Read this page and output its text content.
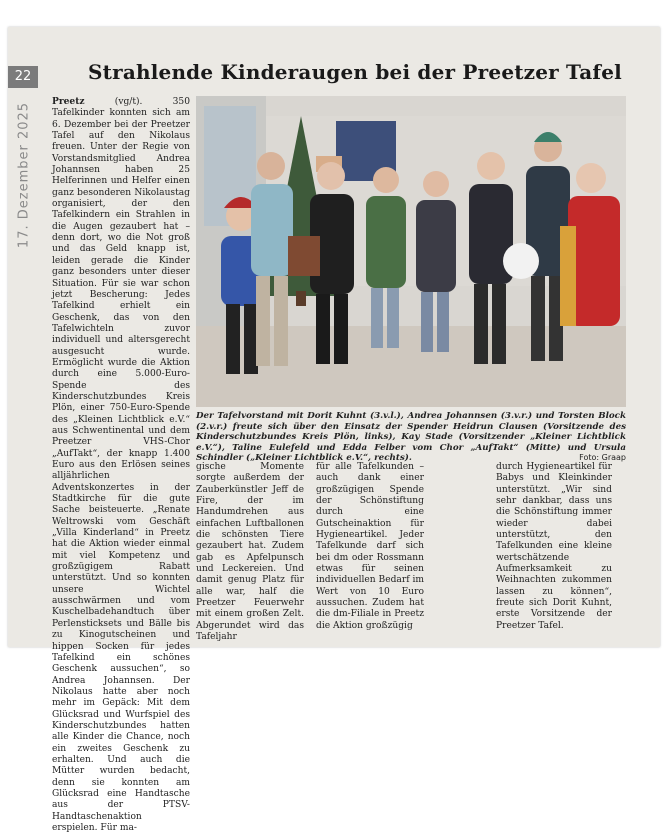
22
17. Dezember 2025
Strahlende Kinderaugen bei der Preetzer Tafel
Preetz	(vg/t).	350 Tafelkinder konnten sich am 6. Dezember bei der Preetzer Tafel auf den Nikolaus freuen. Unter der Regie von Vorstandsmitglied Andrea Johannsen haben 25 Helferinnen und Helfer einen ganz besonderen Nikolaustag organisiert, der den Tafelkindern ein Strahlen in die Augen gezaubert hat – denn dort, wo die Not groß und das Geld knapp ist, leiden gerade die Kinder ganz besonders unter dieser Situation. Für sie war schon jetzt Bescherung: Jedes Tafelkind erhielt ein Geschenk, das von den Tafelwichteln zuvor individuell und altersgerecht ausgesucht wurde. Ermöglicht wurde die Aktion durch eine 5.000-Euro-Spende des Kinderschutzbundes Kreis Plön, einer 750-Euro-Spende des „Kleinen Lichtblick e.V.“ aus Schwentinental und dem Preetzer VHS-Chor „AufTakt“, der knapp 1.400 Euro aus den Erlösen seines alljährlichen Adventskonzertes in der Stadtkirche für die gute Sache beisteuerte. „Renate Weltrowski vom Geschäft „Villa Kinderland“ in Preetz hat die Aktion wieder einmal mit viel Kompetenz und großzügigem Rabatt unterstützt. Und so konnten unsere Wichtel ausschwärmen und vom Kuschelbadehandtuch über Perlensticksets und Bälle bis zu Kinogutscheinen und hippen Socken für jedes Tafelkind ein schönes Geschenk aussuchen“, so Andrea Johannsen. Der Nikolaus hatte aber noch mehr im Gepäck: Mit dem Glücksrad und Wurfspiel des Kinderschutzbundes hatten alle Kinder die Chance, noch ein zweites Geschenk zu erhalten. Und auch die Mütter wurden bedacht, denn sie konnten am Glücksrad eine Handtasche aus der PTSV-Handtaschenaktion erspielen. Für ma-
Der Tafelvorstand mit Dorit Kuhnt (3.v.l.), Andrea Johannsen (3.v.r.) und Torsten Block (2.v.r.) freute sich über den Einsatz der Spender Heidrun Clausen (Vorsitzende des Kinderschutzbundes Kreis Plön, links), Kay Stade (Vorsitzender „Kleiner Lichtblick e.V.“), Taline Eulefeld und Edda Felber vom Chor „AufTakt“ (Mitte) und Ursula Schindler („Kleiner Lichtblick e.V.“, rechts).	Foto: Graap
gische Momente sorgte außerdem der Zauberkünstler Jeff de Fire, der im Handumdrehen aus einfachen Luftballonen die schönsten Tiere gezaubert hat. Zudem gab es Apfelpunsch und Leckereien. Und damit genug Platz für alle war, half die Preetzer Feuerwehr mit einem großen Zelt. Abgerundet wird das Tafeljahr
für alle Tafelkunden – auch dank einer großzügigen Spende der Schönstiftung durch eine Gutscheinaktion für Hygieneartikel. Jeder Tafelkunde darf sich bei dm oder Rossmann etwas für seinen individuellen Bedarf im Wert von 10 Euro aussuchen. Zudem hat die dm-Filiale in Preetz die Aktion großzügig
durch Hygieneartikel für Babys und Kleinkinder unterstützt. „Wir sind sehr dankbar, dass uns die Schönstiftung immer wieder dabei unterstützt, den Tafelkunden eine kleine wertschätzende Aufmerksamkeit zu Weihnachten zukommen lassen zu können“, freute sich Dorit Kuhnt, erste Vorsitzende der Preetzer Tafel.
